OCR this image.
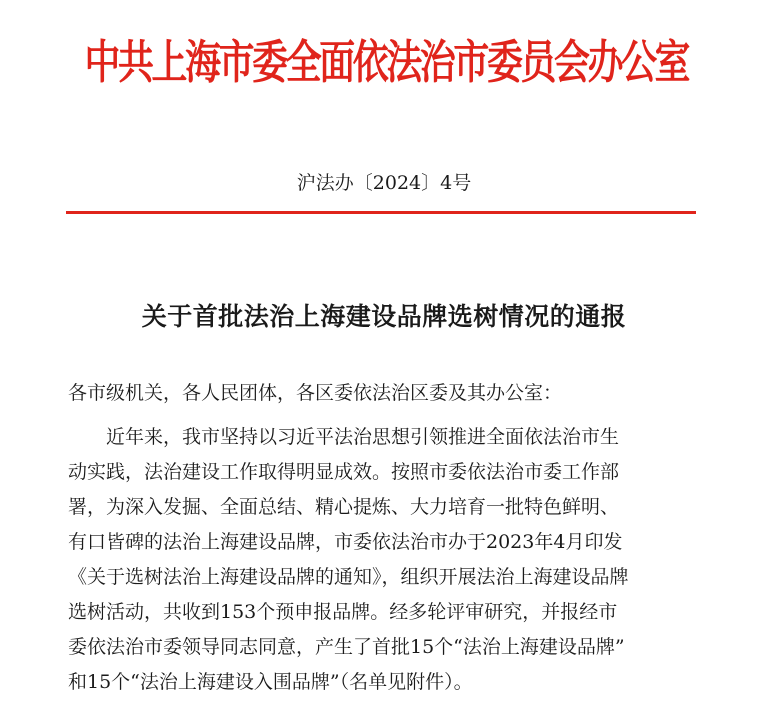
中共上海市委全面依法治市委员会办公室
沪法办〔2024〕4号
关于首批法治上海建设品牌选树情况的通报
各市级机关，各人民团体，各区委依法治区委及其办公室：
近年来，我市坚持以习近平法治思想引领推进全面依法治市生
动实践，法治建设工作取得明显成效。按照市委依法治市委工作部
署，为深入发掘、全面总结、精心提炼、大力培育一批特色鲜明、
有口皆碑的法治上海建设品牌，市委依法治市办于2023年4月印发
《关于选树法治上海建设品牌的通知》，组织开展法治上海建设品牌
选树活动，共收到153个预申报品牌。经多轮评审研究，并报经市
委依法治市委领导同志同意，产生了首批15个“法治上海建设品牌”
和15个“法治上海建设入围品牌”（名单见附件）。
